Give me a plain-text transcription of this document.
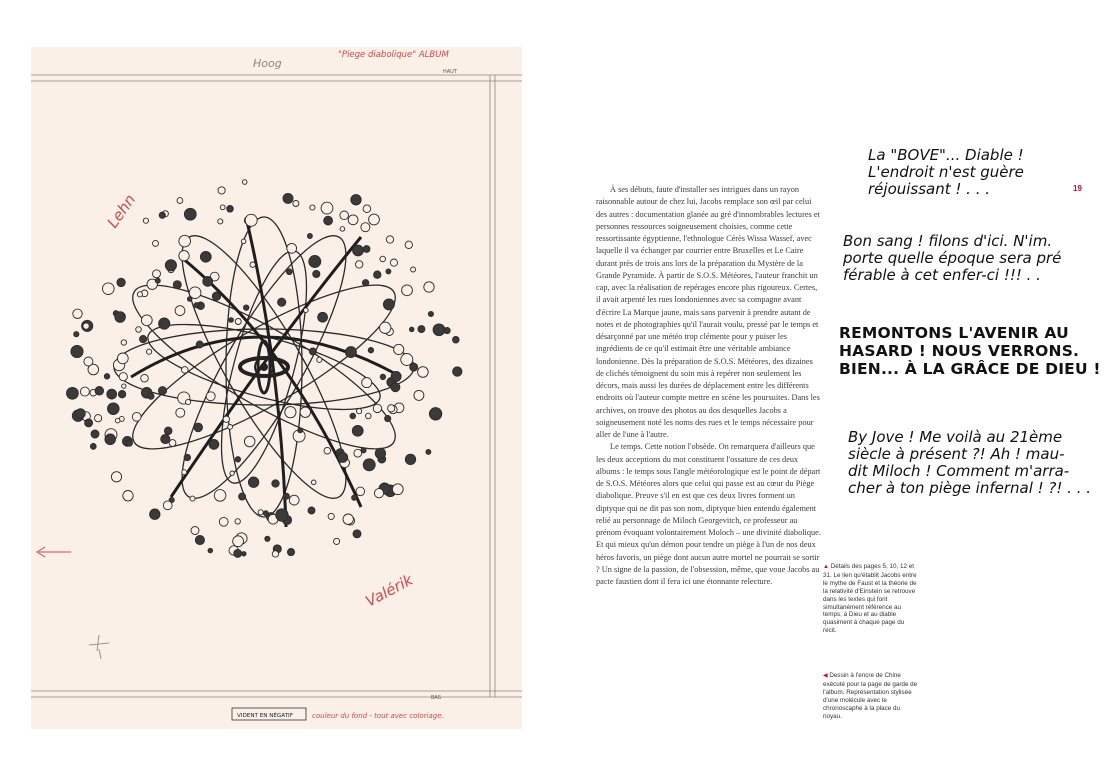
Hoog
"Piege diabolique" ALBUM
HAUT
BAS
Lehn
Valérik
VIDENT EN NÉGATIF	couleur du fond - tout avec coloriage.

À ses débuts, faute d'installer ses intrigues dans un rayon raisonnable autour de chez lui, Jacobs remplace son œil par celui des autres : documentation glanée au gré d'innombrables lectures et personnes ressources soigneusement choisies, comme cette ressortissante égyptienne, l'ethnologue Cérès Wissa Wassef, avec laquelle il va échanger par courrier entre Bruxelles et Le Caire durant près de trois ans lors de la préparation du Mystère de la Grande Pyramide. À partir de S.O.S. Météores, l'auteur franchit un cap, avec la réalisation de repérages encore plus rigoureux. Certes, il avait arpenté les rues londoniennes avec sa compagne avant d'écrire La Marque jaune, mais sans parvenir à prendre autant de notes et de photographies qu'il l'aurait voulu, pressé par le temps et désarçonné par une météo trop clémente pour y puiser les ingrédients de ce qu'il estimait être une véritable ambiance londonienne. Dès la préparation de S.O.S. Météores, des dizaines de clichés témoignent du soin mis à repérer non seulement les décors, mais aussi les durées de déplacement entre les différents endroits où l'auteur compte mettre en scène les poursuites. Dans les archives, on trouve des photos au dos desquelles Jacobs a soigneusement noté les noms des rues et le temps nécessaire pour aller de l'une à l'autre.

Le temps. Cette notion l'obsède. On remarquera d'ailleurs que les deux acceptions du mot constituent l'ossature de ces deux albums : le temps sous l'angle météorologique est le point de départ de S.O.S. Météores alors que celui qui passe est au cœur du Piège diabolique. Preuve s'il en est que ces deux livres forment un diptyque qui ne dit pas son nom, diptyque bien entendu également relié au personnage de Miloch Georgevitch, ce professeur au prénom évoquant volontairement Moloch – une divinité diabolique. Et qui mieux qu'un démon pour tendre un piège à l'un de nos deux héros favoris, un piège dont aucun autre mortel ne pourrait se sortir ? Un signe de la passion, de l'obsession, même, que voue Jacobs au pacte faustien dont il fera ici une étonnante relecture.

La "BOVE"... Diable !
L'endroit n'est guère
réjouissant ! . . .
Bon sang ! filons d'ici. N'im.
porte quelle époque sera pré
férable à cet enfer-ci !!! . .
REMONTONS L'AVENIR AU
HASARD ! NOUS VERRONS.
BIEN... À LA GRÂCE DE DIEU !
By Jove ! Me voilà au 21ème
siècle à présent ?! Ah ! mau-
dit Miloch ! Comment m'arra-
cher à ton piège infernal ! ?! . . .
19
▲ Détails des pages 5, 10, 12 et 31. Le lien qu'établit Jacobs entre le mythe de Faust et la théorie de la relativité d'Einstein se retrouve dans les textes qui font simultanément référence au temps, à Dieu et au diable quasiment à chaque page du récit.
◀ Dessin à l'encre de Chine exécuté pour la page de garde de l'album. Représentation stylisée d'une molécule avec le chronoscaphe à la place du noyau.
